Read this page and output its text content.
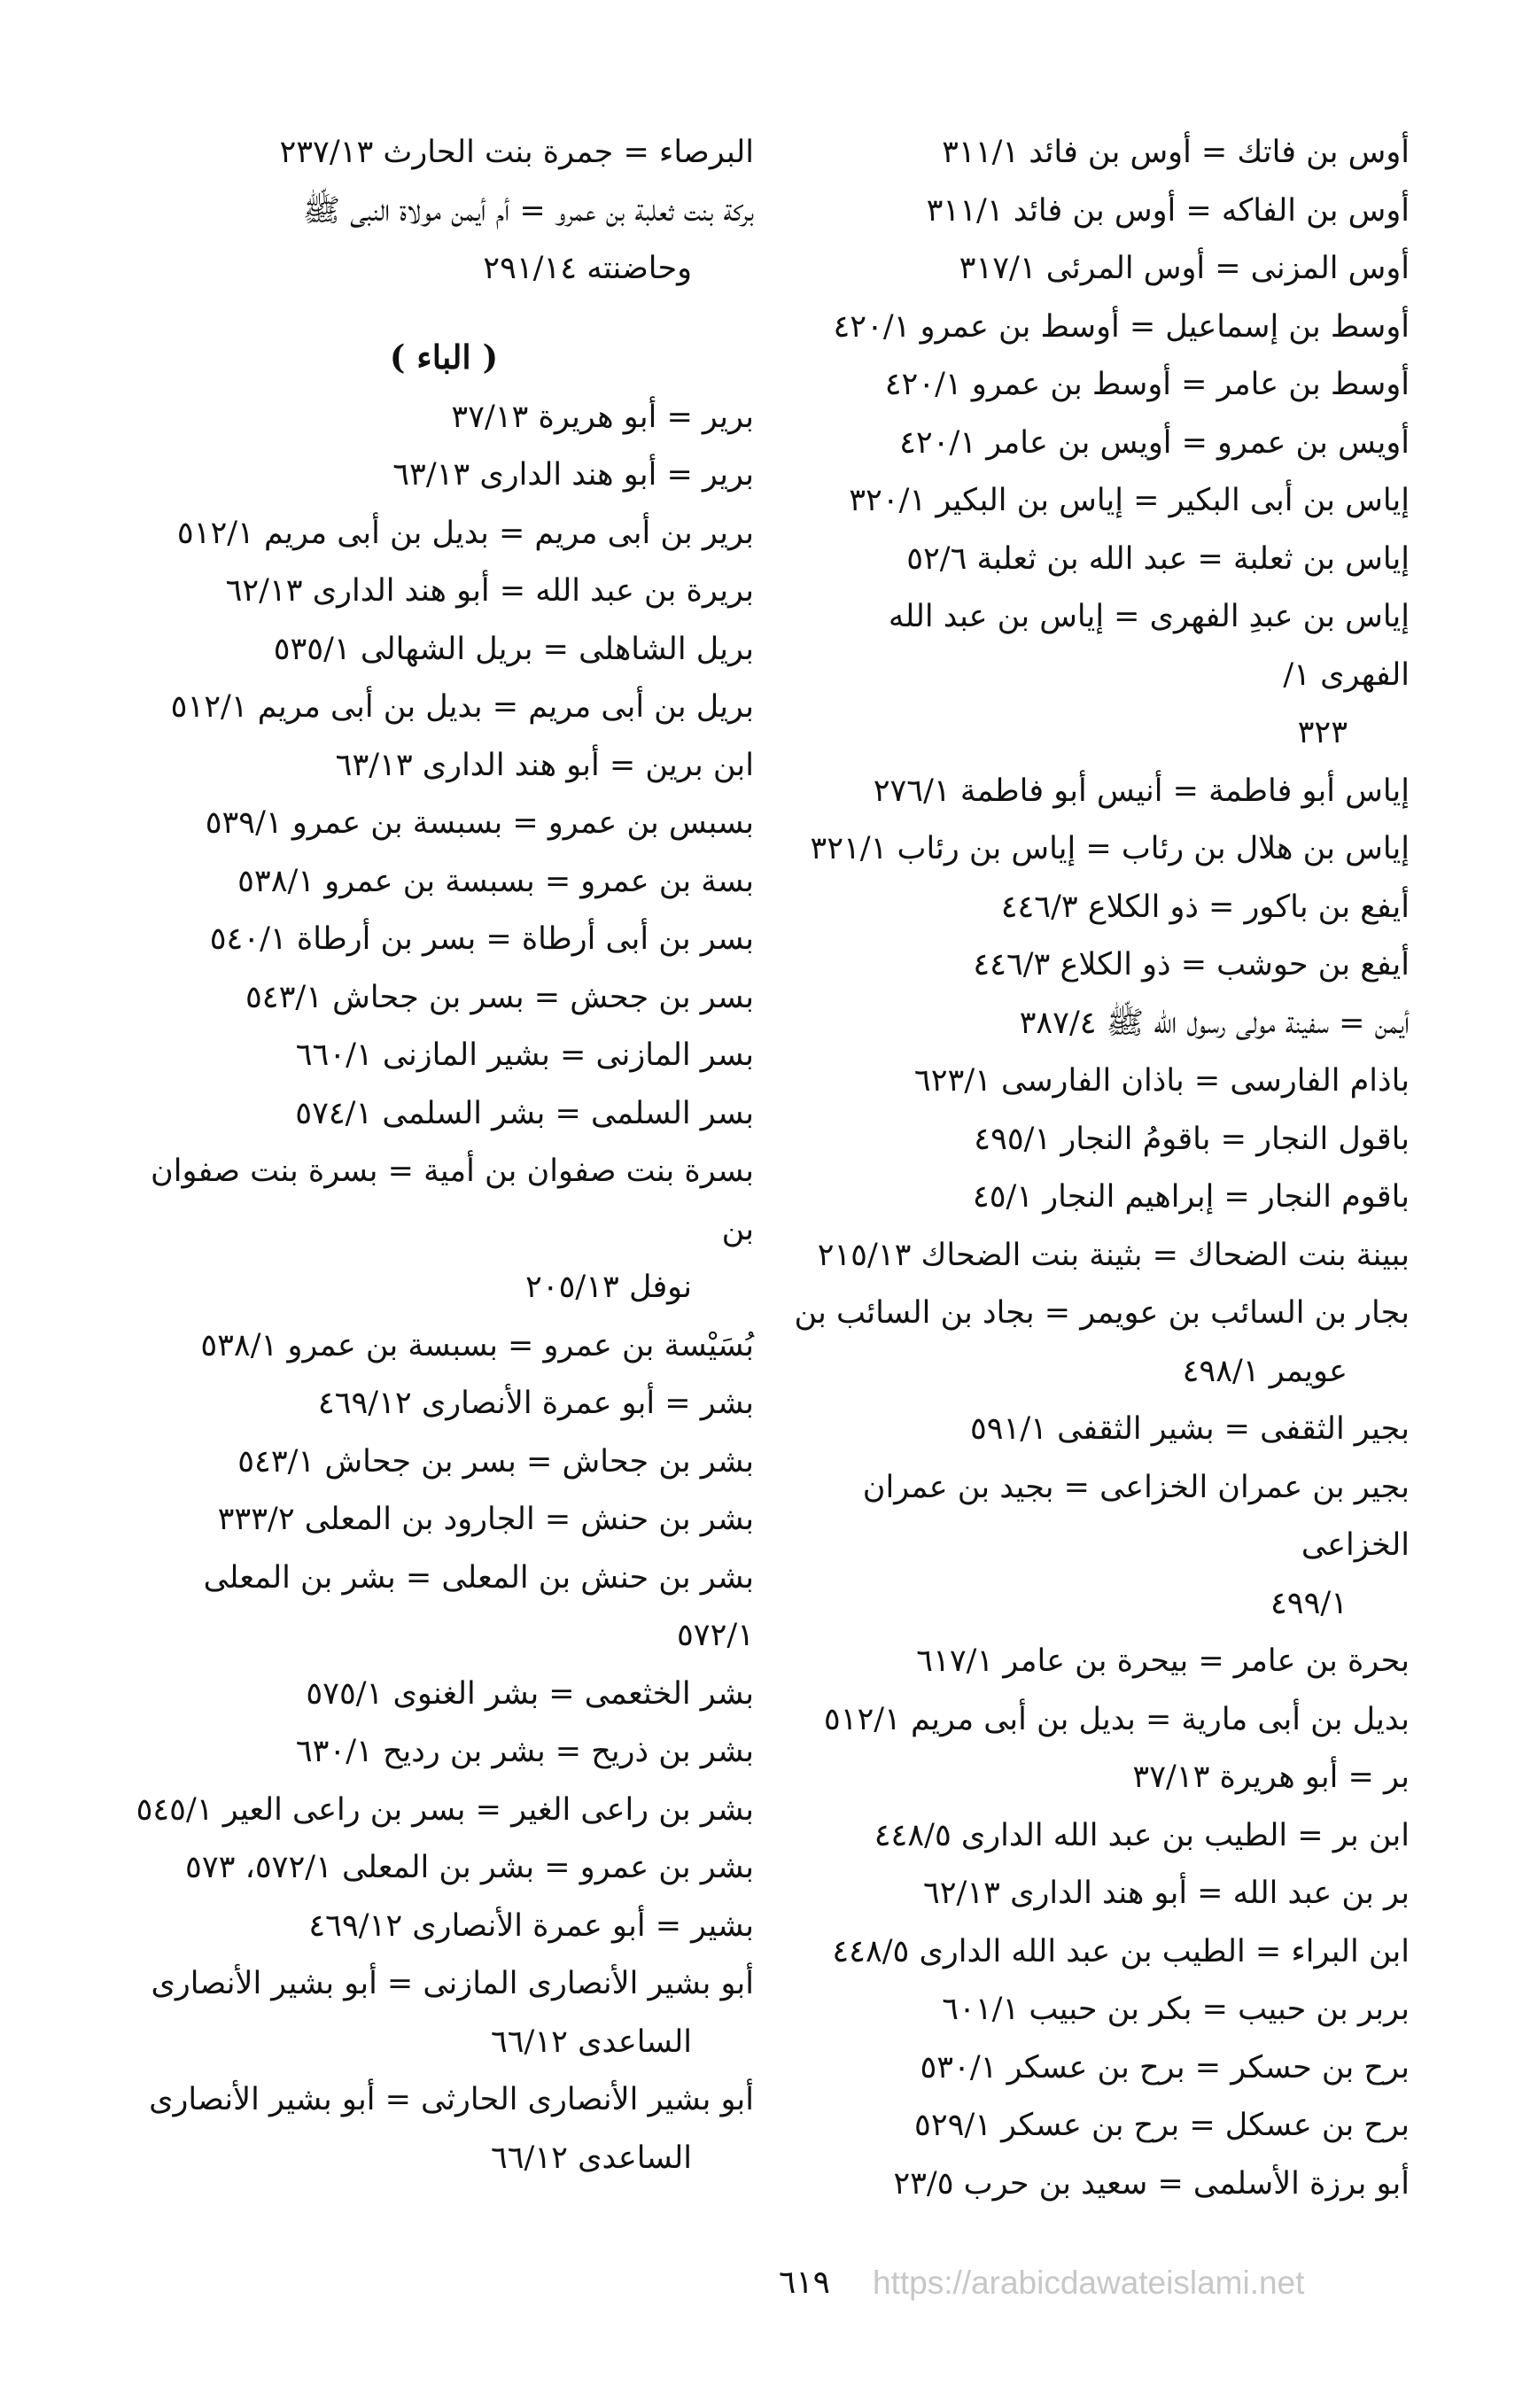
أوس بن فاتك = أوس بن فائد ٣١١/١
أوس بن الفاكه = أوس بن فائد ٣١١/١
أوس المزنى = أوس المرئى ٣١٧/١
أوسط بن إسماعيل = أوسط بن عمرو ٤٢٠/١
أوسط بن عامر = أوسط بن عمرو ٤٢٠/١
أويس بن عمرو = أويس بن عامر ٤٢٠/١
إياس بن أبى البكير = إياس بن البكير ٣٢٠/١
إياس بن ثعلبة = عبد الله بن ثعلبة ٥٢/٦
إياس بن عبدِ الفهرى = إياس بن عبد الله الفهرى ١/
٣٢٣
إياس أبو فاطمة = أنيس أبو فاطمة ٢٧٦/١
إياس بن هلال بن رئاب = إياس بن رئاب ٣٢١/١
أيفع بن باكور = ذو الكلاع ٤٤٦/٣
أيفع بن حوشب = ذو الكلاع ٤٤٦/٣
أيمن = سفينة مولى رسول الله ﷺ ٣٨٧/٤
باذام الفارسى = باذان الفارسى ٦٢٣/١
باقول النجار = باقومُ النجار ٤٩٥/١
باقوم النجار = إبراهيم النجار ٤٥/١
ببينة بنت الضحاك = بثينة بنت الضحاك ٢١٥/١٣
بجار بن السائب بن عويمر = بجاد بن السائب بن
عويمر ٤٩٨/١
بجير الثقفى = بشير الثقفى ٥٩١/١
بجير بن عمران الخزاعى = بجيد بن عمران الخزاعى
٤٩٩/١
بحرة بن عامر = بيحرة بن عامر ٦١٧/١
بديل بن أبى مارية = بديل بن أبى مريم ٥١٢/١
بر = أبو هريرة ٣٧/١٣
ابن بر = الطيب بن عبد الله الدارى ٤٤٨/٥
بر بن عبد الله = أبو هند الدارى ٦٢/١٣
ابن البراء = الطيب بن عبد الله الدارى ٤٤٨/٥
بربر بن حبيب = بكر بن حبيب ٦٠١/١
برح بن حسكر = برح بن عسكر ٥٣٠/١
برح بن عسكل = برح بن عسكر ٥٢٩/١
أبو برزة الأسلمى = سعيد بن حرب ٢٣/٥
البرصاء = جمرة بنت الحارث ٢٣٧/١٣
بركة بنت ثعلبة بن عمرو = أم أيمن مولاة النبى ﷺ
وحاضنته ٢٩١/١٤
( الباء )
برير = أبو هريرة ٣٧/١٣
برير = أبو هند الدارى ٦٣/١٣
برير بن أبى مريم = بديل بن أبى مريم ٥١٢/١
بريرة بن عبد الله = أبو هند الدارى ٦٢/١٣
بريل الشاهلى = بريل الشهالى ٥٣٥/١
بريل بن أبى مريم = بديل بن أبى مريم ٥١٢/١
ابن برين = أبو هند الدارى ٦٣/١٣
بسبس بن عمرو = بسبسة بن عمرو ٥٣٩/١
بسة بن عمرو = بسبسة بن عمرو ٥٣٨/١
بسر بن أبى أرطاة = بسر بن أرطاة ٥٤٠/١
بسر بن جحش = بسر بن جحاش ٥٤٣/١
بسر المازنى = بشير المازنى ٦٦٠/١
بسر السلمى = بشر السلمى ٥٧٤/١
بسرة بنت صفوان بن أمية = بسرة بنت صفوان بن
نوفل ٢٠٥/١٣
بُسَيْسة بن عمرو = بسبسة بن عمرو ٥٣٨/١
بشر = أبو عمرة الأنصارى ٤٦٩/١٢
بشر بن جحاش = بسر بن جحاش ٥٤٣/١
بشر بن حنش = الجارود بن المعلى ٣٣٣/٢
بشر بن حنش بن المعلى = بشر بن المعلى ٥٧٢/١
بشر الخثعمى = بشر الغنوى ٥٧٥/١
بشر بن ذريح = بشر بن رديح ٦٣٠/١
بشر بن راعى الغير = بسر بن راعى العير ٥٤٥/١
بشر بن عمرو = بشر بن المعلى ٥٧٢/١، ٥٧٣
بشير = أبو عمرة الأنصارى ٤٦٩/١٢
أبو بشير الأنصارى المازنى = أبو بشير الأنصارى
الساعدى ٦٦/١٢
أبو بشير الأنصارى الحارثى = أبو بشير الأنصارى
الساعدى ٦٦/١٢
٦١٩	https://arabicdawateislami.net
